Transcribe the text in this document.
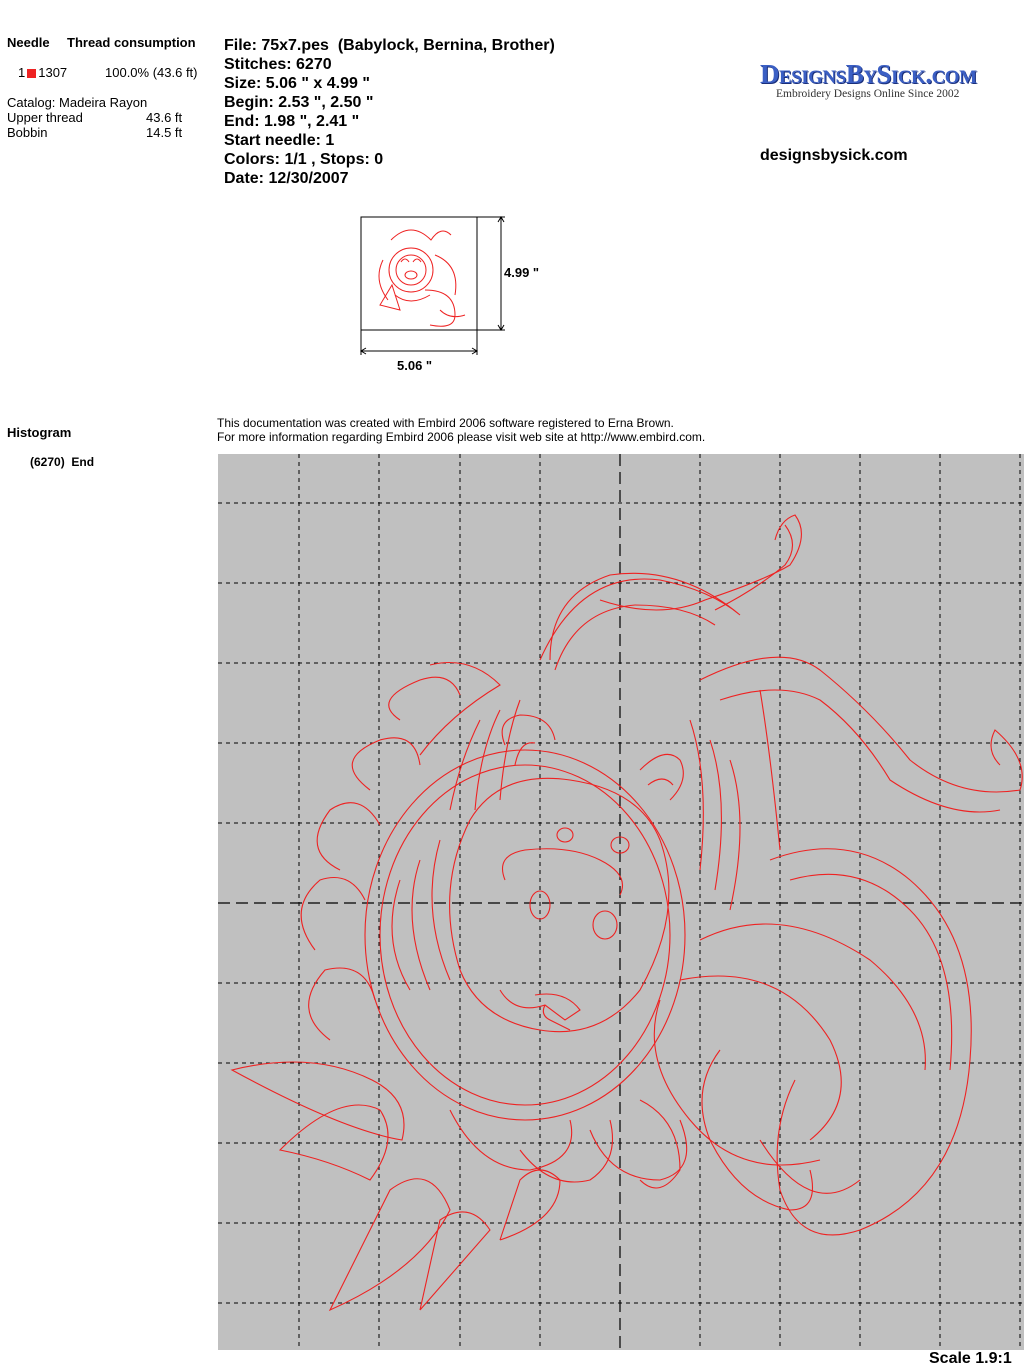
Needle Thread consumption
1 1307	100.0% (43.6 ft)
Catalog: Madeira Rayon
Upper thread	43.6 ft
Bobbin	14.5 ft
File: 75x7.pes  (Babylock, Bernina, Brother)
Stitches: 6270
Size: 5.06 " x 4.99 "
Begin: 2.53 ", 2.50 "
End: 1.98 ", 2.41 "
Start needle: 1
Colors: 1/1 , Stops: 0
Date: 12/30/2007
DesignsBySick.com
Embroidery Designs Online Since 2002
designsbysick.com
4.99 "
5.06 "
Histogram
(6270) End
This documentation was created with Embird 2006 software registered to Erna Brown.
For more information regarding Embird 2006 please visit web site at http://www.embird.com.
Scale 1.9:1
